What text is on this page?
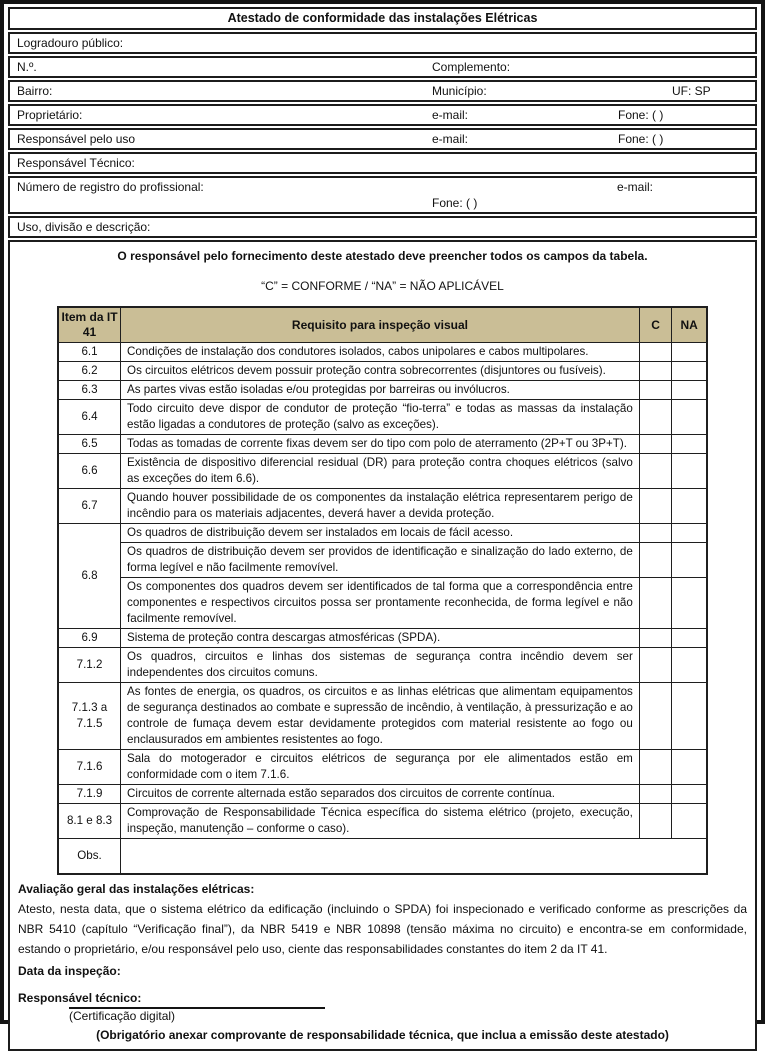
Atestado de conformidade das instalações Elétricas
Logradouro público:
N.º.	Complemento:
Bairro:	Município:	UF: SP
Proprietário:	e-mail:	Fone: ( )
Responsável pelo uso	e-mail:	Fone: ( )
Responsável Técnico:
Número de registro do profissional:	e-mail:
Fone: ( )
Uso, divisão e descrição:
O responsável pelo fornecimento deste atestado deve preencher todos os campos da tabela.
“C” = CONFORME / “NA” = NÃO APLICÁVEL
Item da IT 41	Requisito para inspeção visual	C	NA
6.1	Condições de instalação dos condutores isolados, cabos unipolares e cabos multipolares.		
6.2	Os circuitos elétricos devem possuir proteção contra sobrecorrentes (disjuntores ou fusíveis).		
6.3	As partes vivas estão isoladas e/ou protegidas por barreiras ou invólucros.		
6.4	Todo circuito deve dispor de condutor de proteção “fio-terra” e todas as massas da instalação estão ligadas a condutores de proteção (salvo as exceções).		
6.5	Todas as tomadas de corrente fixas devem ser do tipo com polo de aterramento (2P+T ou 3P+T).		
6.6	Existência de dispositivo diferencial residual (DR) para proteção contra choques elétricos (salvo as exceções do item 6.6).		
6.7	Quando houver possibilidade de os componentes da instalação elétrica representarem perigo de incêndio para os materiais adjacentes, deverá haver a devida proteção.		
6.8	Os quadros de distribuição devem ser instalados em locais de fácil acesso.		
	Os quadros de distribuição devem ser providos de identificação e sinalização do lado externo, de forma legível e não facilmente removível.		
	Os componentes dos quadros devem ser identificados de tal forma que a correspondência entre componentes e respectivos circuitos possa ser prontamente reconhecida, de forma legível e não facilmente removível.		
6.9	Sistema de proteção contra descargas atmosféricas (SPDA).		
7.1.2	Os quadros, circuitos e linhas dos sistemas de segurança contra incêndio devem ser independentes dos circuitos comuns.		
7.1.3 a 7.1.5	As fontes de energia, os quadros, os circuitos e as linhas elétricas que alimentam equipamentos de segurança destinados ao combate e supressão de incêndio, à ventilação, à pressurização e ao controle de fumaça devem estar devidamente protegidos com material resistente ao fogo ou enclausurados em ambientes resistentes ao fogo.		
7.1.6	Sala do motogerador e circuitos elétricos de segurança por ele alimentados estão em conformidade com o item 7.1.6.		
7.1.9	Circuitos de corrente alternada estão separados dos circuitos de corrente contínua.		
8.1 e 8.3	Comprovação de Responsabilidade Técnica específica do sistema elétrico (projeto, execução, inspeção, manutenção – conforme o caso).		
Obs.			
Avaliação geral das instalações elétricas:
Atesto, nesta data, que o sistema elétrico da edificação (incluindo o SPDA) foi inspecionado e verificado conforme as prescrições da NBR 5410 (capítulo “Verificação final”), da NBR 5419 e NBR 10898 (tensão máxima no circuito) e encontra-se em conformidade, estando o proprietário, e/ou responsável pelo uso, ciente das responsabilidades constantes do item 2 da IT 41.
Data da inspeção:
Responsável técnico:
(Certificação digital)
(Obrigatório anexar comprovante de responsabilidade técnica, que inclua a emissão deste atestado)
